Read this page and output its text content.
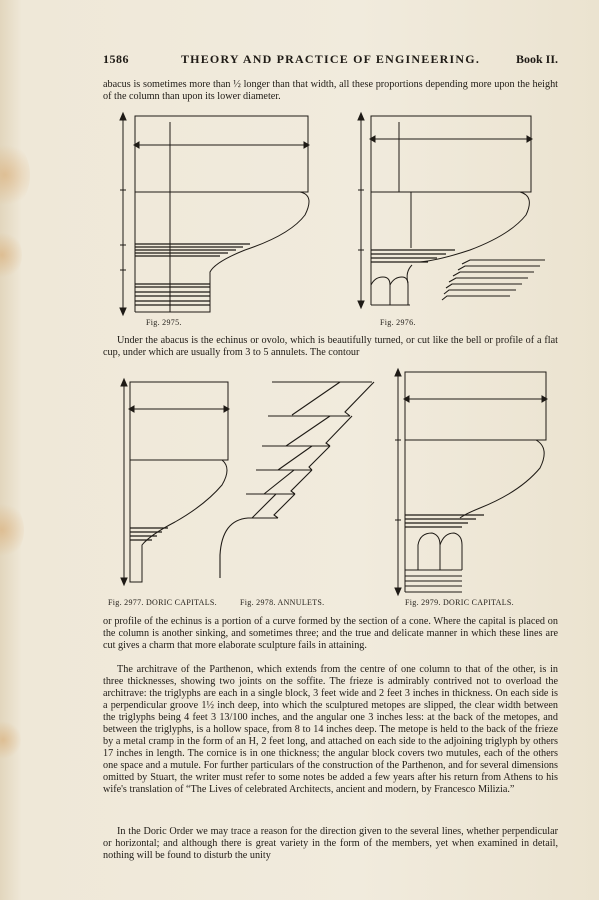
1586	THEORY AND PRACTICE OF ENGINEERING.	Book II.

abacus is sometimes more than ½ longer than that width, all these proportions depending more upon the height of the column than upon its lower diameter.

Fig. 2975.	Fig. 2976.

Under the abacus is the echinus or ovolo, which is beautifully turned, or cut like the bell or profile of a flat cup, under which are usually from 3 to 5 annulets. The contour

Fig. 2977. DORIC CAPITALS.	Fig. 2978. ANNULETS.	Fig. 2979. DORIC CAPITALS.

or profile of the echinus is a portion of a curve formed by the section of a cone. Where the capital is placed on the column is another sinking, and sometimes three; and the true and delicate manner in which these lines are cut gives a charm that more elaborate sculpture fails in attaining.

The architrave of the Parthenon, which extends from the centre of one column to that of the other, is in three thicknesses, showing two joints on the soffite. The frieze is admirably contrived not to overload the architrave: the triglyphs are each in a single block, 3 feet wide and 2 feet 3 inches in thickness. On each side is a perpendicular groove 1½ inch deep, into which the sculptured metopes are slipped, the clear width between the triglyphs being 4 feet 3 13/100 inches, and the angular one 3 inches less: at the back of the metopes, and between the triglyphs, is a hollow space, from 8 to 14 inches deep. The metope is held to the back of the frieze by a metal cramp in the form of an H, 2 feet long, and attached on each side to the adjoining triglyph by others 17 inches in length. The cornice is in one thickness; the angular block covers two mutules, each of the others one space and a mutule. For further particulars of the construction of the Parthenon, and for several dimensions omitted by Stuart, the writer must refer to some notes be added a few years after his return from Athens to his wife's translation of “The Lives of celebrated Architects, ancient and modern, by Francesco Milizia.”

In the Doric Order we may trace a reason for the direction given to the several lines, whether perpendicular or horizontal; and although there is great variety in the form of the members, yet when examined in detail, nothing will be found to disturb the unity
